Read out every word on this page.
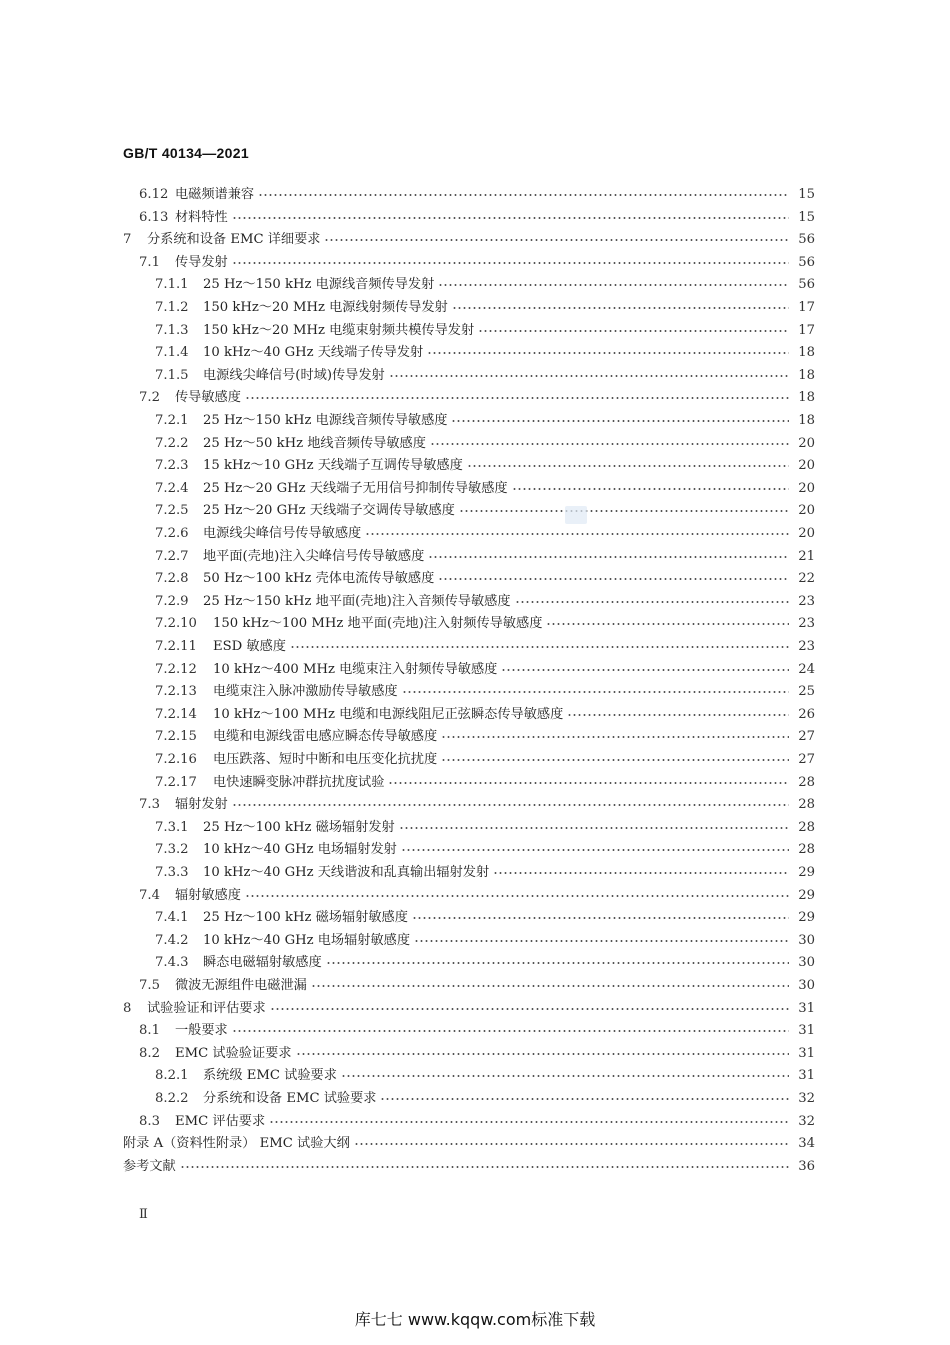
GB/T 40134—2021
6.12 电磁频谱兼容	15
6.13 材料特性	15
7	分系统和设备 EMC 详细要求	56
7.1	传导发射	56
7.1.1	25 Hz～150 kHz 电源线音频传导发射	56
7.1.2	150 kHz～20 MHz 电源线射频传导发射	17
7.1.3	150 kHz～20 MHz 电缆束射频共模传导发射	17
7.1.4	10 kHz～40 GHz 天线端子传导发射	18
7.1.5	电源线尖峰信号(时域)传导发射	18
7.2	传导敏感度	18
7.2.1	25 Hz～150 kHz 电源线音频传导敏感度	18
7.2.2	25 Hz～50 kHz 地线音频传导敏感度	20
7.2.3	15 kHz～10 GHz 天线端子互调传导敏感度	20
7.2.4	25 Hz～20 GHz 天线端子无用信号抑制传导敏感度	20
7.2.5	25 Hz～20 GHz 天线端子交调传导敏感度	20
7.2.6	电源线尖峰信号传导敏感度	20
7.2.7	地平面(壳地)注入尖峰信号传导敏感度	21
7.2.8	50 Hz～100 kHz 壳体电流传导敏感度	22
7.2.9	25 Hz～150 kHz 地平面(壳地)注入音频传导敏感度	23
7.2.10	150 kHz～100 MHz 地平面(壳地)注入射频传导敏感度	23
7.2.11	ESD 敏感度	23
7.2.12	10 kHz～400 MHz 电缆束注入射频传导敏感度	24
7.2.13	电缆束注入脉冲激励传导敏感度	25
7.2.14	10 kHz～100 MHz 电缆和电源线阻尼正弦瞬态传导敏感度	26
7.2.15	电缆和电源线雷电感应瞬态传导敏感度	27
7.2.16	电压跌落、短时中断和电压变化抗扰度	27
7.2.17	电快速瞬变脉冲群抗扰度试验	28
7.3	辐射发射	28
7.3.1	25 Hz～100 kHz 磁场辐射发射	28
7.3.2	10 kHz～40 GHz 电场辐射发射	28
7.3.3	10 kHz～40 GHz 天线谐波和乱真输出辐射发射	29
7.4	辐射敏感度	29
7.4.1	25 Hz～100 kHz 磁场辐射敏感度	29
7.4.2	10 kHz～40 GHz 电场辐射敏感度	30
7.4.3	瞬态电磁辐射敏感度	30
7.5	微波无源组件电磁泄漏	30
8	试验验证和评估要求	31
8.1	一般要求	31
8.2	EMC 试验验证要求	31
8.2.1	系统级 EMC 试验要求	31
8.2.2	分系统和设备 EMC 试验要求	32
8.3	EMC 评估要求	32
附录 A（资料性附录） EMC 试验大纲	34
参考文献	36
Ⅱ
库七七 www.kqqw.com标准下载
